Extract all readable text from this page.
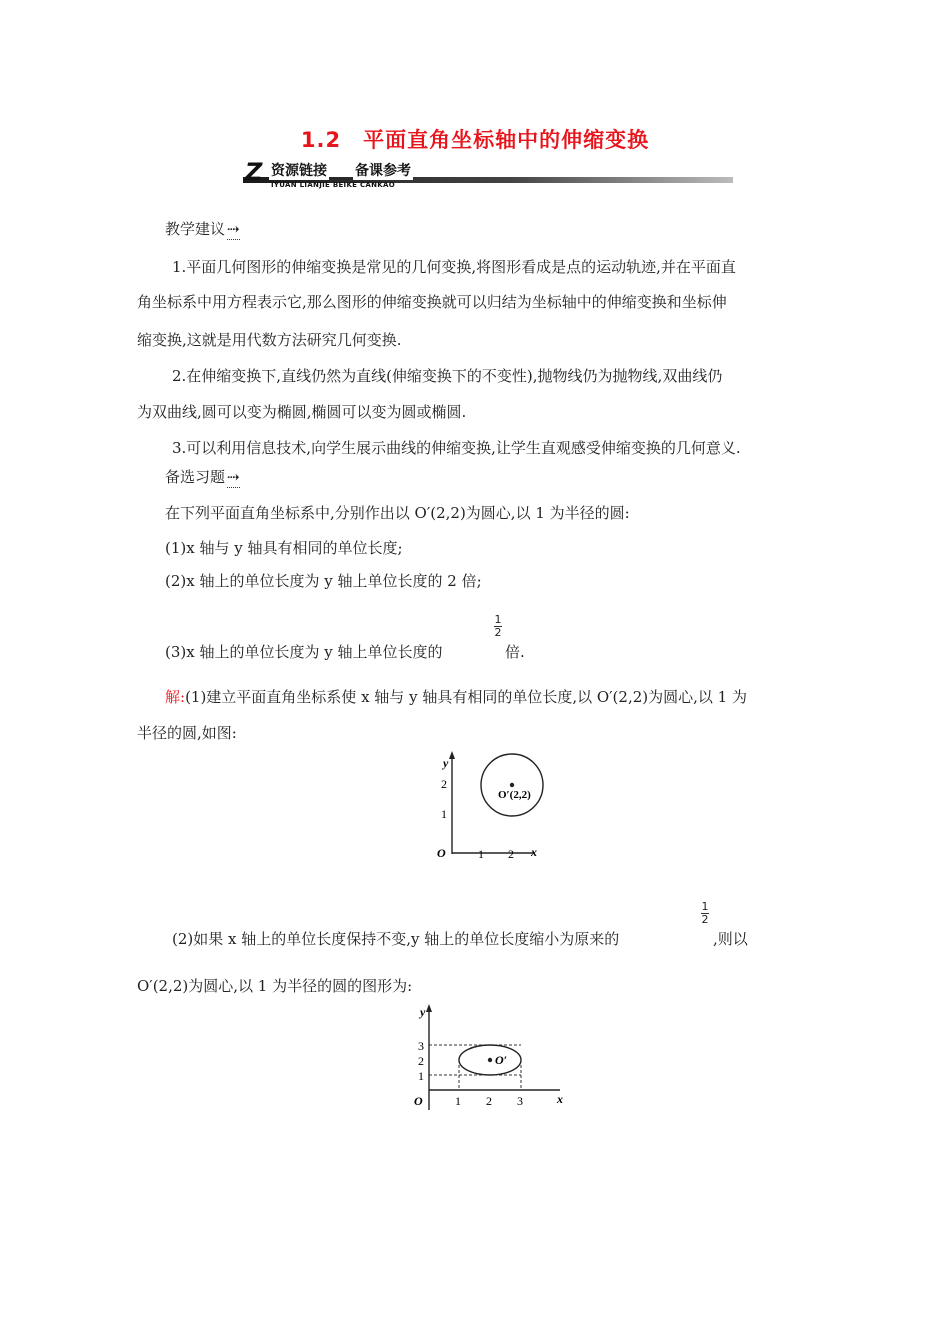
1.2　平面直角坐标轴中的伸缩变换
Z 资源链接 备课参考
IYUAN LIANJIE BEIKE CANKAO
教学建议 ⇢
1.平面几何图形的伸缩变换是常见的几何变换,将图形看成是点的运动轨迹,并在平面直
角坐标系中用方程表示它,那么图形的伸缩变换就可以归结为坐标轴中的伸缩变换和坐标伸
缩变换,这就是用代数方法研究几何变换.
2.在伸缩变换下,直线仍然为直线(伸缩变换下的不变性),抛物线仍为抛物线,双曲线仍
为双曲线,圆可以变为椭圆,椭圆可以变为圆或椭圆.
3.可以利用信息技术,向学生展示曲线的伸缩变换,让学生直观感受伸缩变换的几何意义.
备选习题 ⇢
在下列平面直角坐标系中,分别作出以 O′(2,2)为圆心,以 1 为半径的圆:
(1)x 轴与 y 轴具有相同的单位长度;
(2)x 轴上的单位长度为 y 轴上单位长度的 2 倍;
(3)x 轴上的单位长度为 y 轴上单位长度的
1
2
倍.
解:(1)建立平面直角坐标系使 x 轴与 y 轴具有相同的单位长度,以 O′(2,2)为圆心,以 1 为
半径的圆,如图:
y
x
O	1 2
1
2
O′(2,2)
(2)如果 x 轴上的单位长度保持不变,y 轴上的单位长度缩小为原来的
1
2
,则以
O′(2,2)为圆心,以 1 为半径的圆的图形为:
y
x
O	1 2 3
1
2
3
O′
